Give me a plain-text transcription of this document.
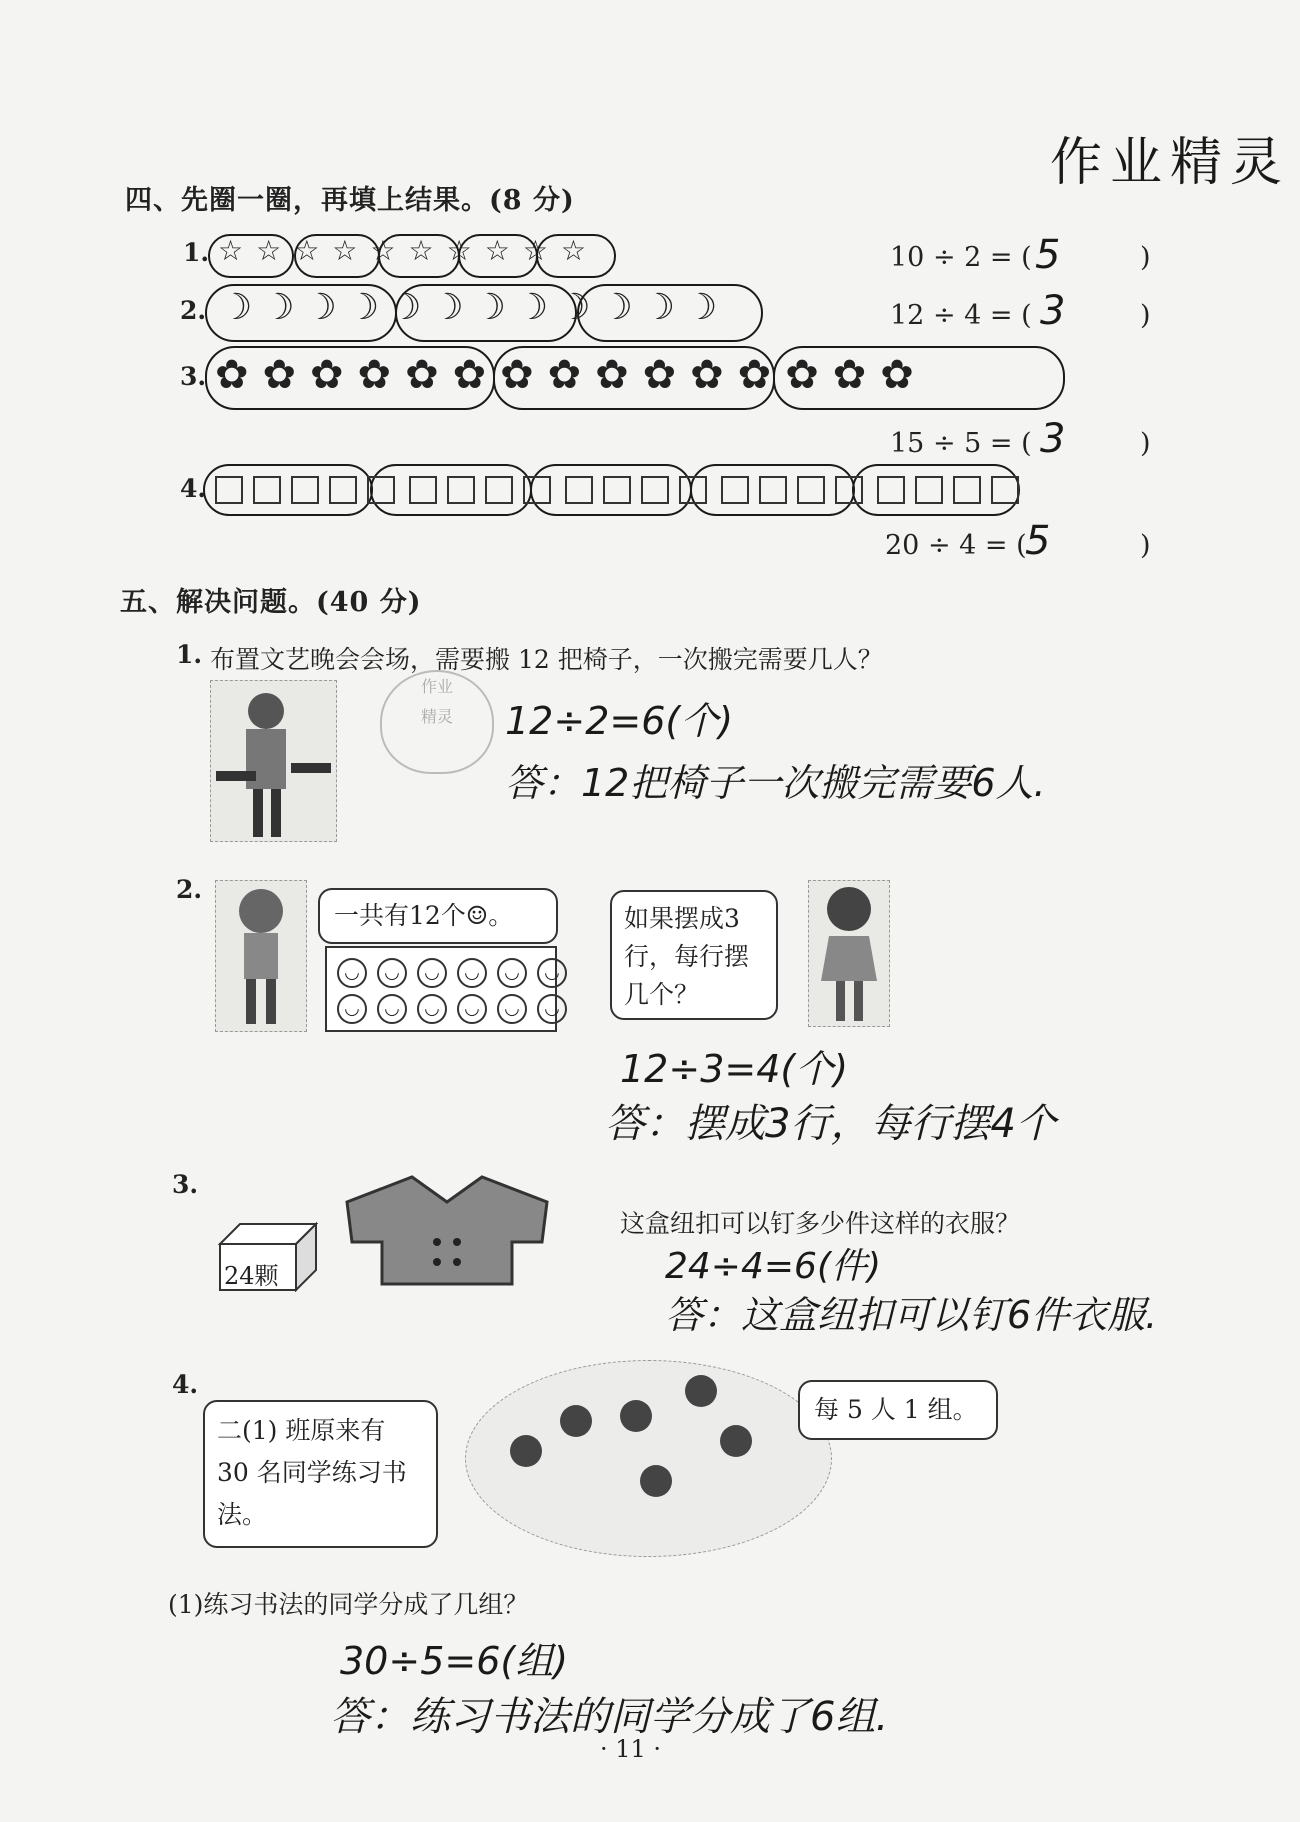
作业精灵
四、先圈一圈，再填上结果。(8 分)
1. ☆☆☆☆☆☆☆☆☆☆	10 ÷ 2 = ( 5	)
2. ☽☽☽☽☽☽☽☽☽☽☽☽	12 ÷ 4 = ( 3	)
3. ✿✿✿✿✿✿✿✿✿✿✿✿✿✿✿
15 ÷ 5 = ( 3	)
4.
20 ÷ 4 = (
5	)
五、解决问题。(40 分)
1. 布置文艺晚会会场，需要搬 12 把椅子，一次搬完需要几人？
作业
精灵	12÷2=6(个)
答：12把椅子一次搬完需要6人.
2.
一共有12个☺。
◡	◡	◡	◡	◡	◡
◡	◡	◡	◡	◡	◡
如果摆成3行，每行摆几个？
12÷3=4(个)
答：摆成3行，每行摆4个
3.
24颗
这盒纽扣可以钉多少件这样的衣服？
24÷4=6(件)
答：这盒纽扣可以钉6件衣服.
4.
二(1) 班原来有 30 名同学练习书法。
每 5 人 1 组。
(1)练习书法的同学分成了几组？
30÷5=6(组)
答：练习书法的同学分成了6组.
· 11 ·
